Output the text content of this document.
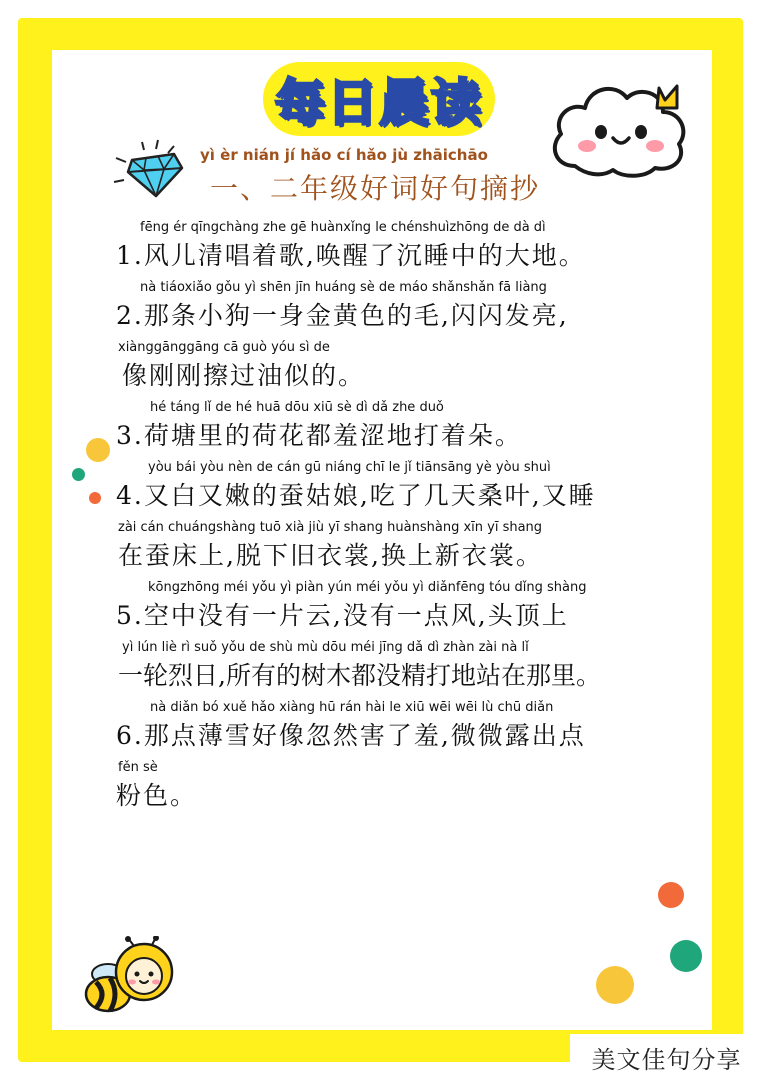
每日晨读
yì èr nián jí hǎo cí hǎo jù zhāichāo
一、二年级好词好句摘抄
fēng ér qīngchàng zhe gē huànxǐng le chénshuìzhōng de dà dì
1.风儿清唱着歌,唤醒了沉睡中的大地。
nà tiáoxiǎo gǒu yì shēn jīn huáng sè de máo shǎnshǎn fā liàng
2.那条小狗一身金黄色的毛,闪闪发亮,
xiànggānggāng cā guò yóu sì de
像刚刚擦过油似的。
hé táng lǐ de hé huā dōu xiū sè dì dǎ zhe duǒ
3.荷塘里的荷花都羞涩地打着朵。
yòu bái yòu nèn de cán gū niáng chī le jǐ tiānsāng yè yòu shuì
4.又白又嫩的蚕姑娘,吃了几天桑叶,又睡
zài cán chuángshàng tuō xià jiù yī shang huànshàng xīn yī shang
在蚕床上,脱下旧衣裳,换上新衣裳。
kōngzhōng méi yǒu yì piàn yún méi yǒu yì diǎnfēng tóu dǐng shàng
5.空中没有一片云,没有一点风,头顶上
yì lún liè rì suǒ yǒu de shù mù dōu méi jīng dǎ dì zhàn zài nà lǐ
一轮烈日,所有的树木都没精打地站在那里。
nà diǎn bó xuě hǎo xiàng hū rán hài le xiū wēi wēi lù chū diǎn
6.那点薄雪好像忽然害了羞,微微露出点
fěn sè
粉色。
美文佳句分享
